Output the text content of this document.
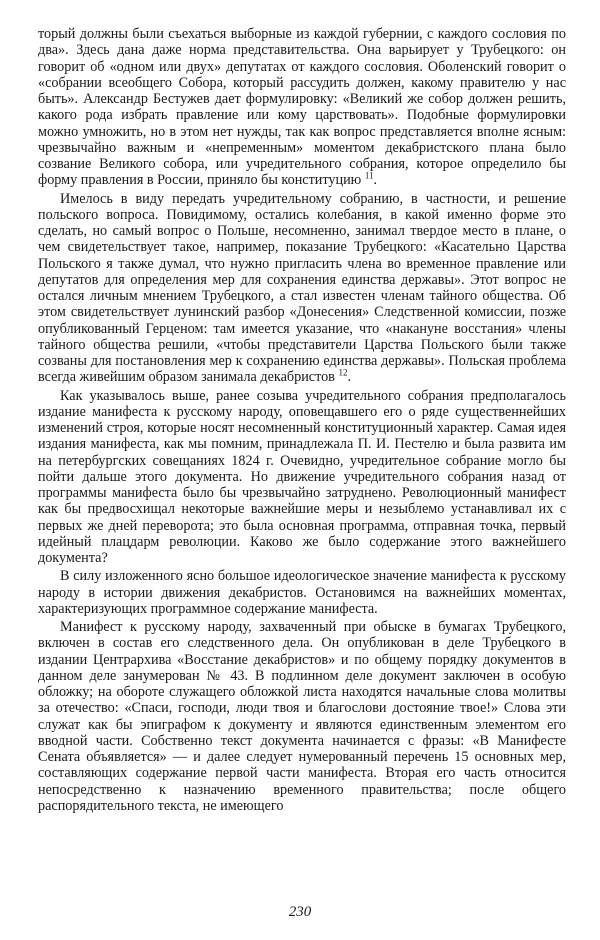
торый должны были съехаться выборные из каждой губернии, с каждого сословия по два». Здесь дана даже норма представительства. Она варьирует у Трубецкого: он говорит об «одном или двух» депутатах от каждого сословия. Оболенский говорит о «собрании всеобщего Собора, который рассудить должен, какому правителю у нас быть». Александр Бестужев дает формулировку: «Великий же собор должен решить, какого рода избрать правление или кому царствовать». Подобные формулировки можно умножить, но в этом нет нужды, так как вопрос представляется вполне ясным: чрезвычайно важным и «непременным» моментом декабристского плана было созвание Великого собора, или учредительного собрания, которое определило бы форму правления в России, приняло бы конституцию $^{11}$.

Имелось в виду передать учредительному собранию, в частности, и решение польского вопроса. Повидимому, остались колебания, в какой именно форме это сделать, но самый вопрос о Польше, несомненно, занимал твердое место в плане, о чем свидетельствует такое, например, показание Трубецкого: «Касательно Царства Польского я также думал, что нужно пригласить члена во временное правление или депутатов для определения мер для сохранения единства державы». Этот вопрос не остался личным мнением Трубецкого, а стал известен членам тайного общества. Об этом свидетельствует лунинский разбор «Донесения» Следственной комиссии, позже опубликованный Герценом: там имеется указание, что «накануне восстания» члены тайного общества решили, «чтобы представители Царства Польского были также созваны для постановления мер к сохранению единства державы». Польская проблема всегда живейшим образом занимала декабристов $^{12}$.

Как указывалось выше, ранее созыва учредительного собрания предполагалось издание манифеста к русскому народу, оповещавшего его о ряде существеннейших изменений строя, которые носят несомненный конституционный характер. Самая идея издания манифеста, как мы помним, принадлежала П. И. Пестелю и была развита им на петербургских совещаниях 1824 г. Очевидно, учредительное собрание могло бы пойти дальше этого документа. Но движение учредительного собрания назад от программы манифеста было бы чрезвычайно затруднено. Революционный манифест как бы предвосхищал некоторые важнейшие меры и незыблемо устанавливал их с первых же дней переворота; это была основная программа, отправная точка, первый идейный плацдарм революции. Каково же было содержание этого важнейшего документа?

В силу изложенного ясно большое идеологическое значение манифеста к русскому народу в истории движения декабристов. Остановимся на важнейших моментах, характеризующих программное содержание манифеста.

Манифест к русскому народу, захваченный при обыске в бумагах Трубецкого, включен в состав его следственного дела. Он опубликован в деле Трубецкого в издании Центрархива «Восстание декабристов» и по общему порядку документов в данном деле занумерован № 43. В подлинном деле документ заключен в особую обложку; на обороте служащего обложкой листа находятся начальные слова молитвы за отечество: «Спаси, господи, люди твоя и благослови достояние твое!» Слова эти служат как бы эпиграфом к документу и являются единственным элементом его вводной части. Собственно текст документа начинается с фразы: «В Манифесте Сената объявляется» — и далее следует нумерованный перечень 15 основных мер, составляющих содержание первой части манифеста. Вторая его часть относится непосредственно к назначению временного правительства; после общего распорядительного текста, не имеющего

230
